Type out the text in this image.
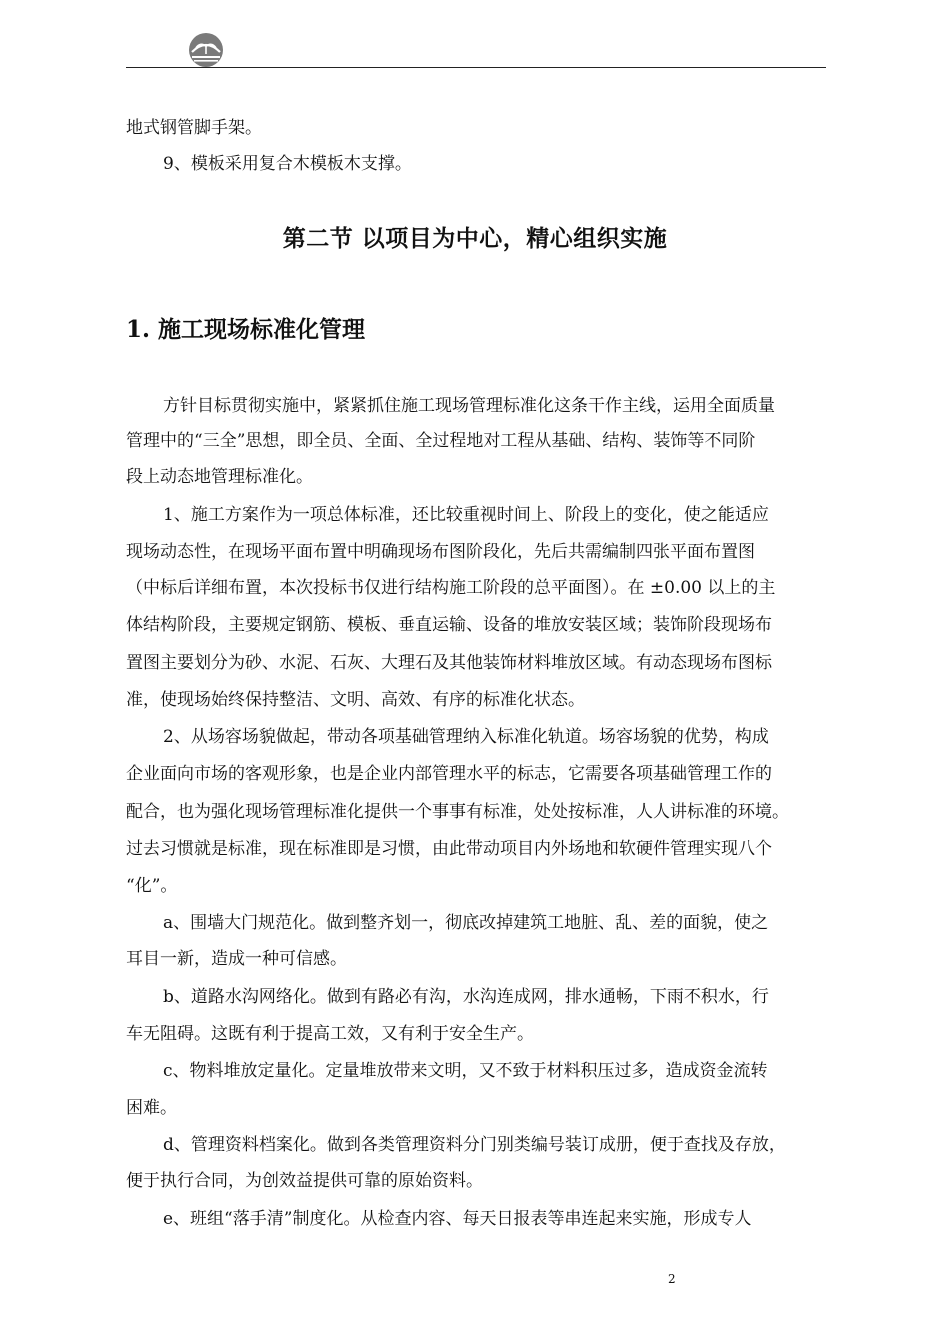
地式钢管脚手架。
9、模板采用复合木模板木支撑。
第二节 以项目为中心，精心组织实施
1. 施工现场标准化管理
方针目标贯彻实施中，紧紧抓住施工现场管理标准化这条干作主线，运用全面质量
管理中的“三全”思想，即全员、全面、全过程地对工程从基础、结构、装饰等不同阶
段上动态地管理标准化。
1、施工方案作为一项总体标准，还比较重视时间上、阶段上的变化，使之能适应
现场动态性，在现场平面布置中明确现场布图阶段化，先后共需编制四张平面布置图
（中标后详细布置，本次投标书仅进行结构施工阶段的总平面图）。在 ±0.00 以上的主
体结构阶段，主要规定钢筋、模板、垂直运输、设备的堆放安装区域；装饰阶段现场布
置图主要划分为砂、水泥、石灰、大理石及其他装饰材料堆放区域。有动态现场布图标
准，使现场始终保持整洁、文明、高效、有序的标准化状态。
2、从场容场貌做起，带动各项基础管理纳入标准化轨道。场容场貌的优势，构成
企业面向市场的客观形象，也是企业内部管理水平的标志，它需要各项基础管理工作的
配合，也为强化现场管理标准化提供一个事事有标准，处处按标准，人人讲标准的环境。
过去习惯就是标准，现在标准即是习惯，由此带动项目内外场地和软硬件管理实现八个
“化”。
a、围墙大门规范化。做到整齐划一，彻底改掉建筑工地脏、乱、差的面貌，使之
耳目一新，造成一种可信感。
b、道路水沟网络化。做到有路必有沟，水沟连成网，排水通畅，下雨不积水，行
车无阻碍。这既有利于提高工效，又有利于安全生产。
c、物料堆放定量化。定量堆放带来文明，又不致于材料积压过多，造成资金流转
困难。
d、管理资料档案化。做到各类管理资料分门别类编号装订成册，便于查找及存放，
便于执行合同，为创效益提供可靠的原始资料。
e、班组“落手清”制度化。从检查内容、每天日报表等串连起来实施，形成专人
2
